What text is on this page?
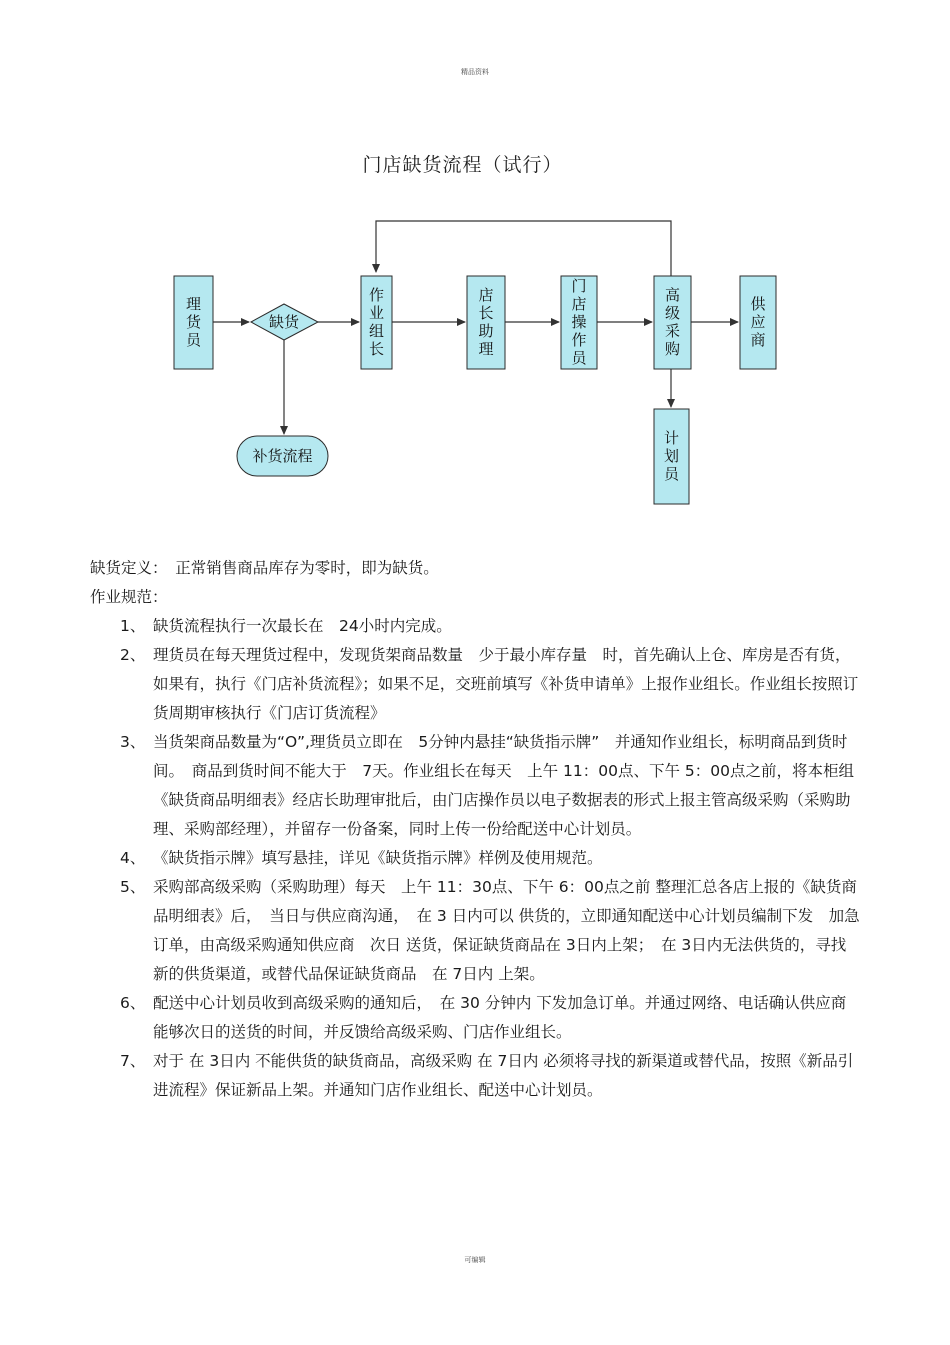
精品资料
门店缺货流程（试行）
理货员
缺货
作业组长
店长助理
门店操作员
高级采购
供应商
计划员
补货流程
缺货定义：　正常销售商品库存为零时，即为缺货。
作业规范：
1、 缺货流程执行一次最长在　24小时内完成。
2、 理货员在每天理货过程中，发现货架商品数量　少于最小库存量　时，首先确认上仓、库房是否有货，如果有，执行《门店补货流程》；如果不足，交班前填写《补货申请单》上报作业组长。作业组长按照订货周期审核执行《门店订货流程》
3、 当货架商品数量为“O”,理货员立即在　5分钟内悬挂“缺货指示牌”　并通知作业组长，标明商品到货时间。　商品到货时间不能大于　7天。作业组长在每天　上午 11：00点、下午 5：00点之前，将本柜组《缺货商品明细表》经店长助理审批后，由门店操作员以电子数据表的形式上报主管高级采购（采购助理、采购部经理），并留存一份备案，同时上传一份给配送中心计划员。
4、 《缺货指示牌》填写悬挂，详见《缺货指示牌》样例及使用规范。
5、 采购部高级采购（采购助理）每天　上午 11：30点、下午 6：00点之前 整理汇总各店上报的《缺货商品明细表》后，　当日与供应商沟通，　在 3 日内可以 供货的，立即通知配送中心计划员编制下发　加急订单，由高级采购通知供应商　次日 送货，保证缺货商品在 3日内上架；　在 3日内无法供货的，寻找新的供货渠道，或替代品保证缺货商品　在 7日内 上架。
6、 配送中心计划员收到高级采购的通知后，　在 30 分钟内 下发加急订单。并通过网络、电话确认供应商能够次日的送货的时间，并反馈给高级采购、门店作业组长。
7、 对于 在 3日内 不能供货的缺货商品，高级采购 在 7日内 必须将寻找的新渠道或替代品，按照《新品引进流程》保证新品上架。并通知门店作业组长、配送中心计划员。
可编辑
